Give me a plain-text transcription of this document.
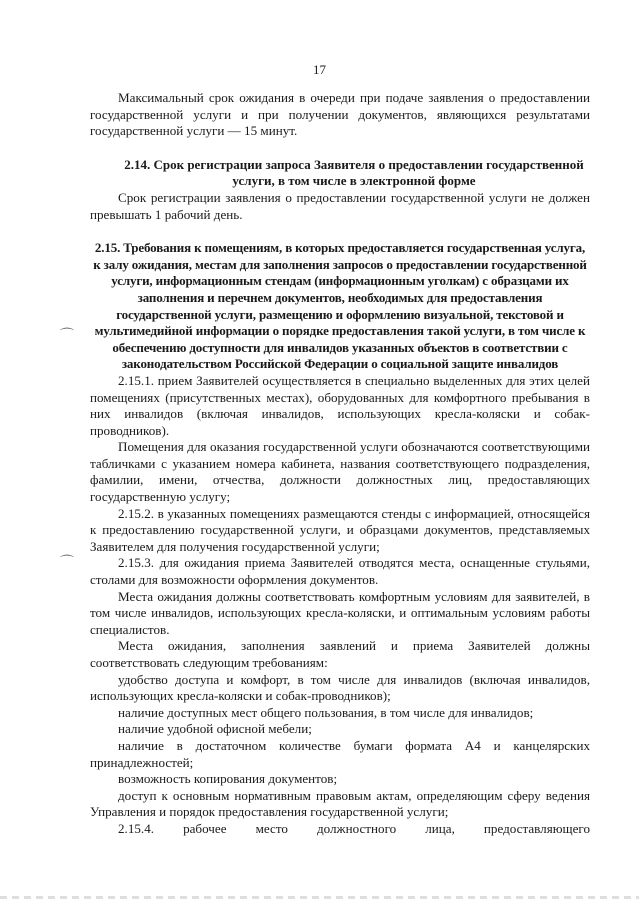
17
⌒
⌒

Максимальный срок ожидания в очереди при подаче заявления о предоставлении государственной услуги и при получении документов, являющихся результатами государственной услуги — 15 минут.

2.14. Срок регистрации запроса Заявителя о предоставлении государственной услуги, в том числе в электронной форме

Срок регистрации заявления о предоставлении государственной услуги не должен превышать 1 рабочий день.

2.15. Требования к помещениям, в которых предоставляется государственная услуга, к залу ожидания, местам для заполнения запросов о предоставлении государственной услуги, информационным стендам (информационным уголкам) с образцами их заполнения и перечнем документов, необходимых для предоставления государственной услуги, размещению и оформлению визуальной, текстовой и мультимедийной информации о порядке предоставления такой услуги, в том числе к обеспечению доступности для инвалидов указанных объектов в соответствии с законодательством Российской Федерации о социальной защите инвалидов

2.15.1. прием Заявителей осуществляется в специально выделенных для этих целей помещениях (присутственных местах), оборудованных для комфортного пребывания в них инвалидов (включая инвалидов, использующих кресла-коляски и собак-проводников).

Помещения для оказания государственной услуги обозначаются соответствующими табличками с указанием номера кабинета, названия соответствующего подразделения, фамилии, имени, отчества, должности должностных лиц, предоставляющих государственную услугу;

2.15.2. в указанных помещениях размещаются стенды с информацией, относящейся к предоставлению государственной услуги, и образцами документов, представляемых Заявителем для получения государственной услуги;

2.15.3. для ожидания приема Заявителей отводятся места, оснащенные стульями, столами для возможности оформления документов.

Места ожидания должны соответствовать комфортным условиям для заявителей, в том числе инвалидов, использующих кресла-коляски, и оптимальным условиям работы специалистов.

Места ожидания, заполнения заявлений и приема Заявителей должны соответствовать следующим требованиям:

удобство доступа и комфорт, в том числе для инвалидов (включая инвалидов, использующих кресла-коляски и собак-проводников);

наличие доступных мест общего пользования, в том числе для инвалидов;

наличие удобной офисной мебели;

наличие в достаточном количестве бумаги формата А4 и канцелярских принадлежностей;

возможность копирования документов;

доступ к основным нормативным правовым актам, определяющим сферу ведения Управления и порядок предоставления государственной услуги;

2.15.4. рабочее место должностного лица, предоставляющего
